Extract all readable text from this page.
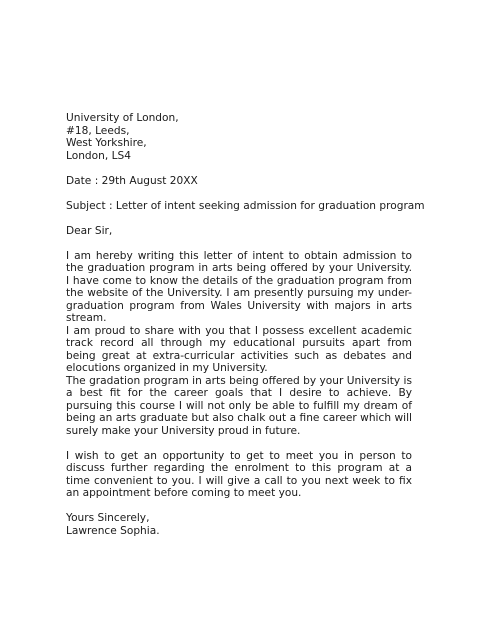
University of London,
#18, Leeds,
West Yorkshire,
London, LS4
Date : 29th August 20XX
Subject : Letter of intent seeking admission for graduation program
Dear Sir,

I am hereby writing this letter of intent to obtain admission to the graduation program in arts being offered by your University. I have come to know the details of the graduation program from the website of the University. I am presently pursuing my under-graduation program from Wales University with majors in arts stream.

I am proud to share with you that I possess excellent academic track record all through my educational pursuits apart from being great at extra-curricular activities such as debates and elocutions organized in my University.

The gradation program in arts being offered by your University is a best fit for the career goals that I desire to achieve. By pursuing this course I will not only be able to fulfill my dream of being an arts graduate but also chalk out a fine career which will surely make your University proud in future.

I wish to get an opportunity to get to meet you in person to discuss further regarding the enrolment to this program at a time convenient to you. I will give a call to you next week to fix an appointment before coming to meet you.

Yours Sincerely,
Lawrence Sophia.
